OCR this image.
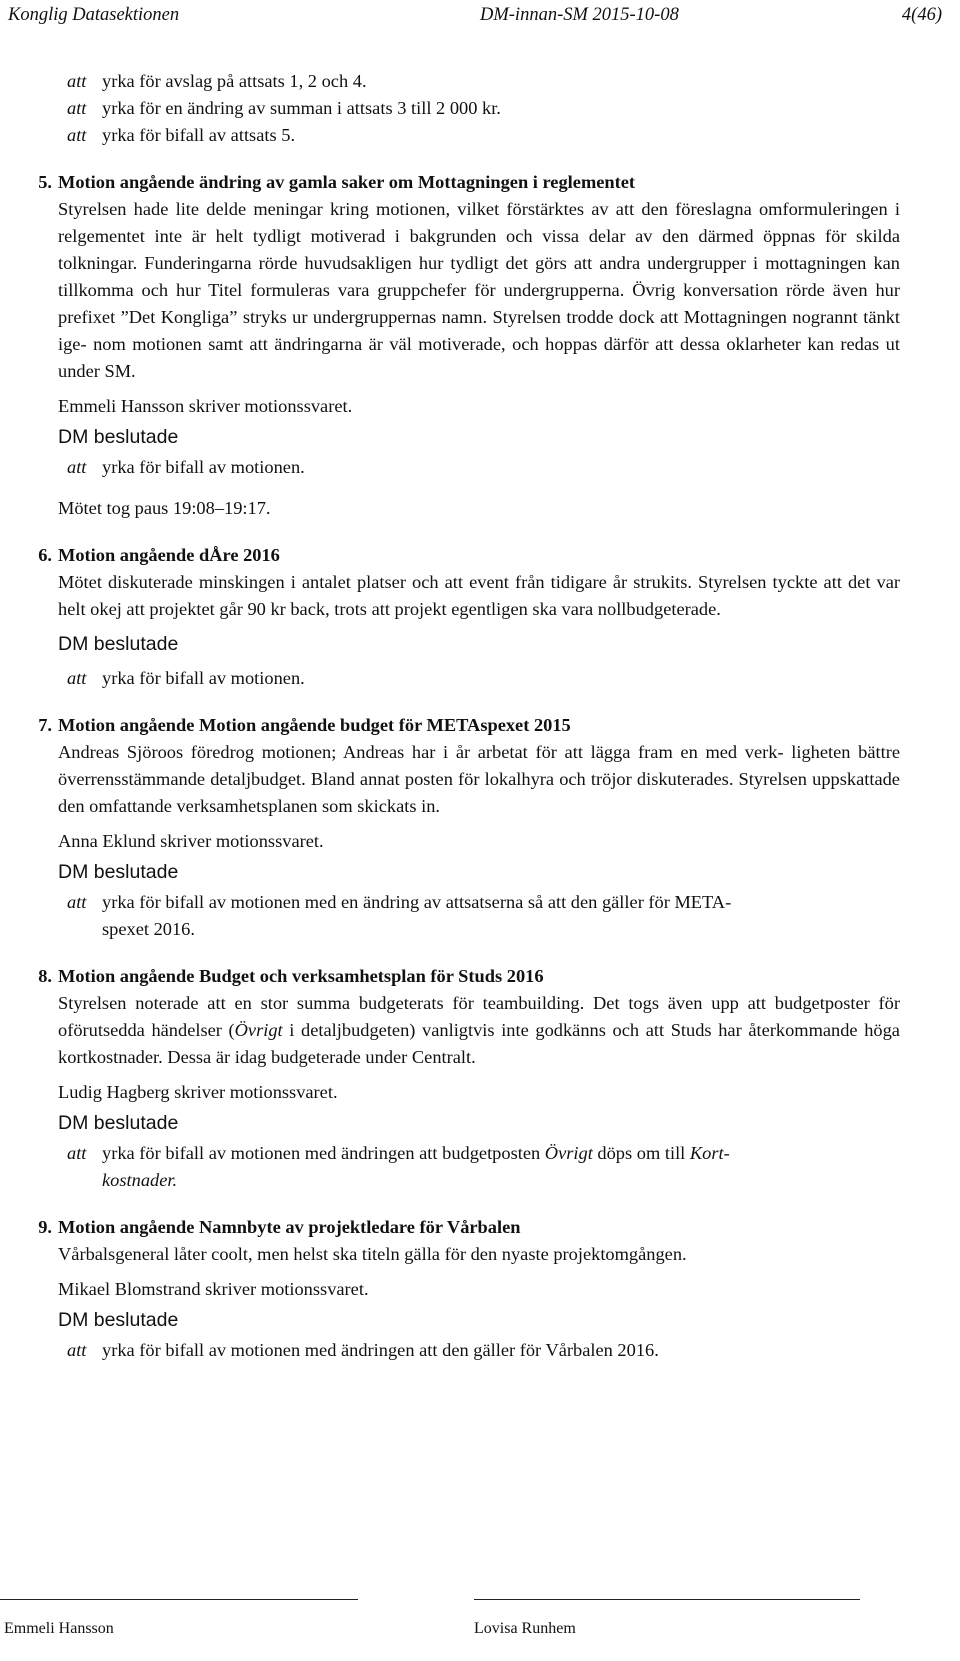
Konglig Datasektionen	DM-innan-SM 2015-10-08	4(46)
att yrka för avslag på attsats 1, 2 och 4.
att yrka för en ändring av summan i attsats 3 till 2 000 kr.
att yrka för bifall av attsats 5.
5. Motion angående ändring av gamla saker om Mottagningen i reglementet

Styrelsen hade lite delde meningar kring motionen, vilket förstärktes av att den föreslagna omformuleringen i relgementet inte är helt tydligt motiverad i bakgrunden och vissa delar av den därmed öppnas för skilda tolkningar. Funderingarna rörde huvudsakligen hur tydligt det görs att andra undergrupper i mottagningen kan tillkomma och hur Titel formuleras vara gruppchefer för undergrupperna. Övrig konversation rörde även hur prefixet ”Det Kongliga” stryks ur undergruppernas namn. Styrelsen trodde dock att Mottagningen nogrannt tänkt ige- nom motionen samt att ändringarna är väl motiverade, och hoppas därför att dessa oklarheter kan redas ut under SM.

Emmeli Hansson skriver motionssvaret.

DM beslutade

att yrka för bifall av motionen.

Mötet tog paus 19:08–19:17.

6. Motion angående dÅre 2016

Mötet diskuterade minskingen i antalet platser och att event från tidigare år strukits. Styrelsen tyckte att det var helt okej att projektet går 90 kr back, trots att projekt egentligen ska vara nollbudgeterade.

DM beslutade

att yrka för bifall av motionen.
7. Motion angående Motion angående budget för METAspexet 2015

Andreas Sjöroos föredrog motionen; Andreas har i år arbetat för att lägga fram en med verk- ligheten bättre överrensstämmande detaljbudget. Bland annat posten för lokalhyra och tröjor diskuterades. Styrelsen uppskattade den omfattande verksamhetsplanen som skickats in.

Anna Eklund skriver motionssvaret.

DM beslutade

att yrka för bifall av motionen med en ändring av attsatserna så att den gäller för META-
spexet 2016.
8. Motion angående Budget och verksamhetsplan för Studs 2016

Styrelsen noterade att en stor summa budgeterats för teambuilding. Det togs även upp att budgetposter för oförutsedda händelser (Övrigt i detaljbudgeten) vanligtvis inte godkänns och att Studs har återkommande höga kortkostnader. Dessa är idag budgeterade under Centralt.

Ludig Hagberg skriver motionssvaret.

DM beslutade

att yrka för bifall av motionen med ändringen att budgetposten Övrigt döps om till Kort-
kostnader.
9. Motion angående Namnbyte av projektledare för Vårbalen

Vårbalsgeneral låter coolt, men helst ska titeln gälla för den nyaste projektomgången.

Mikael Blomstrand skriver motionssvaret.

DM beslutade

att yrka för bifall av motionen med ändringen att den gäller för Vårbalen 2016.
Emmeli Hansson	Lovisa Runhem
